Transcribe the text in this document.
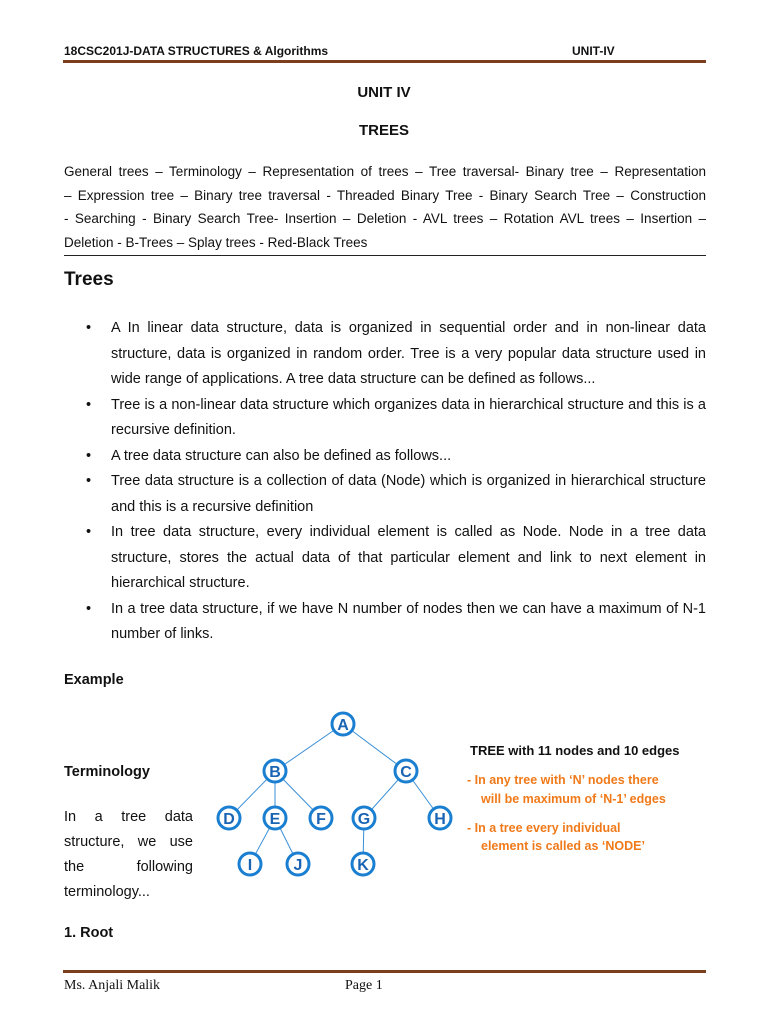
18CSC201J-DATA STRUCTURES & Algorithms	UNIT-IV
UNIT IV
TREES
General trees – Terminology – Representation of trees – Tree traversal- Binary tree – Representation
– Expression tree – Binary tree traversal - Threaded Binary Tree - Binary Search Tree – Construction
- Searching - Binary Search Tree- Insertion – Deletion - AVL trees – Rotation AVL trees – Insertion –
Deletion - B-Trees – Splay trees - Red-Black Trees
Trees
• A In linear data structure, data is organized in sequential order and in non-linear data structure, data is organized in random order. Tree is a very popular data structure used in wide range of applications. A tree data structure can be defined as follows...
• Tree is a non-linear data structure which organizes data in hierarchical structure and this is a recursive definition.
• A tree data structure can also be defined as follows...
• Tree data structure is a collection of data (Node) which is organized in hierarchical structure and this is a recursive definition
• In tree data structure, every individual element is called as Node. Node in a tree data structure, stores the actual data of that particular element and link to next element in hierarchical structure.
• In a tree data structure, if we have N number of nodes then we can have a maximum of N-1 number of links.
Example
Terminology
In a tree data
structure, we use
the following
terminology...
A
B	C
D E F G	H
I	J	K
TREE with 11 nodes and 10 edges
- In any tree with ‘N’ nodes there
will be maximum of ‘N-1’ edges
- In a tree every individual
element is called as ‘NODE’
1. Root
Ms. Anjali Malik	Page 1
